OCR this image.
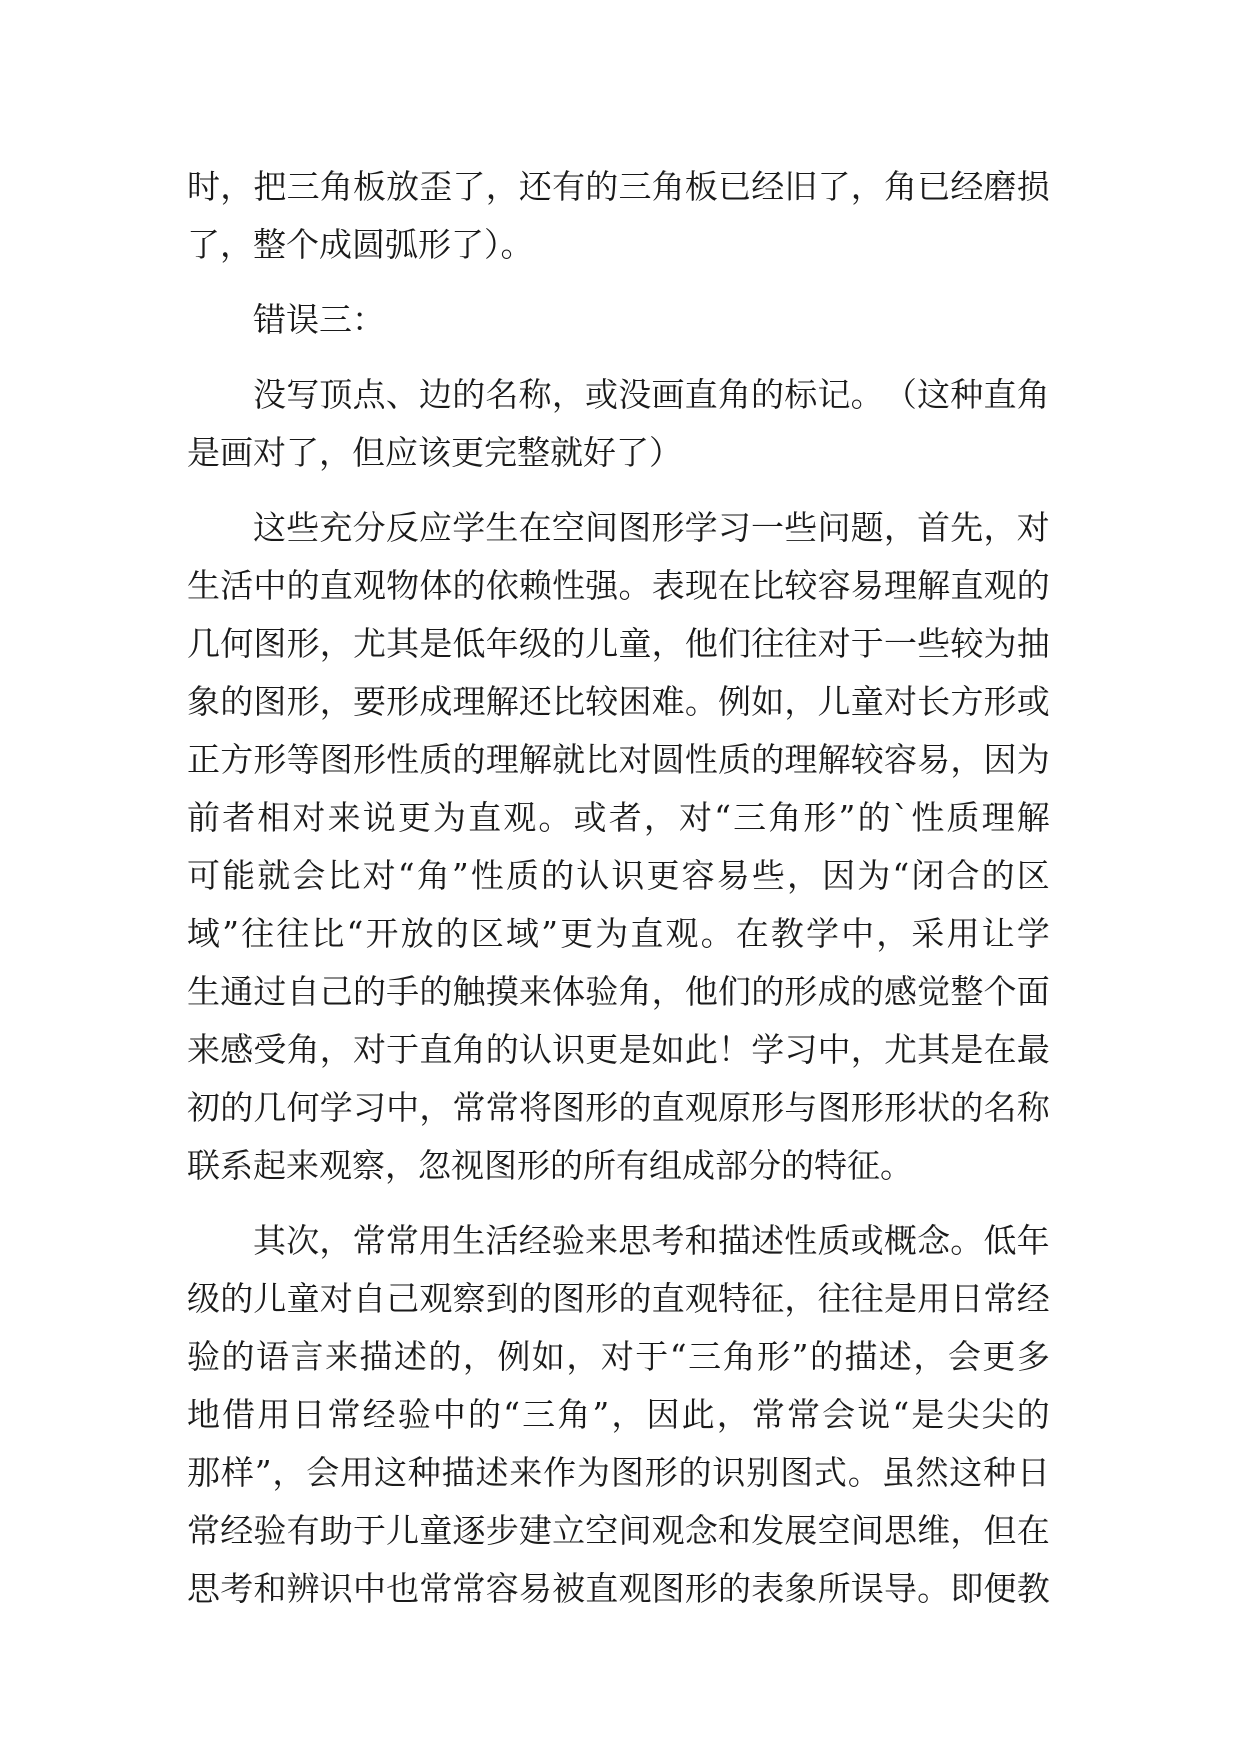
时 ， 把 三 角 板 放 歪 了 ， 还 有 的 三 角 板 已 经 旧 了 ， 角 已 经 磨 损
了，整个成圆弧形了）。
错误三：
没 写 顶 点 、 边 的 名 称 ， 或 没 画 直 角 的 标 记 。 （ 这 种 直 角
是画对了，但应该更完整就好了）
这 些 充 分 反 应 学 生 在 空 间 图 形 学 习 一 些 问 题 ， 首 先 ， 对
生 活 中 的 直 观 物 体 的 依 赖 性 强 。 表 现 在 比 较 容 易 理 解 直 观 的
几 何 图 形 ， 尤 其 是 低 年 级 的 儿 童 ， 他 们 往 往 对 于 一 些 较 为 抽
象 的 图 形 ， 要 形 成 理 解 还 比 较 困 难 。 例 如 ， 儿 童 对 长 方 形 或
正 方 形 等 图 形 性 质 的 理 解 就 比 对 圆 性 质 的 理 解 较 容 易 ， 因 为
前 者 相 对 来 说 更 为 直 观 。 或 者 ， 对 “ 三 角 形 ” 的 ` 性 质 理 解
可 能 就 会 比 对 “ 角 ” 性 质 的 认 识 更 容 易 些 ， 因 为 “ 闭 合 的 区
域 ” 往 往 比 “ 开 放 的 区 域 ” 更 为 直 观 。 在 教 学 中 ， 采 用 让 学
生 通 过 自 己 的 手 的 触 摸 来 体 验 角 ， 他 们 的 形 成 的 感 觉 整 个 面
来 感 受 角 ， 对 于 直 角 的 认 识 更 是 如 此 ！ 学 习 中 ， 尤 其 是 在 最
初 的 几 何 学 习 中 ， 常 常 将 图 形 的 直 观 原 形 与 图 形 形 状 的 名 称
联系起来观察，忽视图形的所有组成部分的特征。
其 次 ， 常 常 用 生 活 经 验 来 思 考 和 描 述 性 质 或 概 念 。 低 年
级 的 儿 童 对 自 己 观 察 到 的 图 形 的 直 观 特 征 ， 往 往 是 用 日 常 经
验 的 语 言 来 描 述 的 ， 例 如 ， 对 于 “ 三 角 形 ” 的 描 述 ， 会 更 多
地 借 用 日 常 经 验 中 的 “ 三 角 ” ， 因 此 ， 常 常 会 说 “ 是 尖 尖 的
那 样 ” ， 会 用 这 种 描 述 来 作 为 图 形 的 识 别 图 式 。 虽 然 这 种 日
常 经 验 有 助 于 儿 童 逐 步 建 立 空 间 观 念 和 发 展 空 间 思 维 ， 但 在
思 考 和 辨 识 中 也 常 常 容 易 被 直 观 图 形 的 表 象 所 误 导 。 即 便 教
